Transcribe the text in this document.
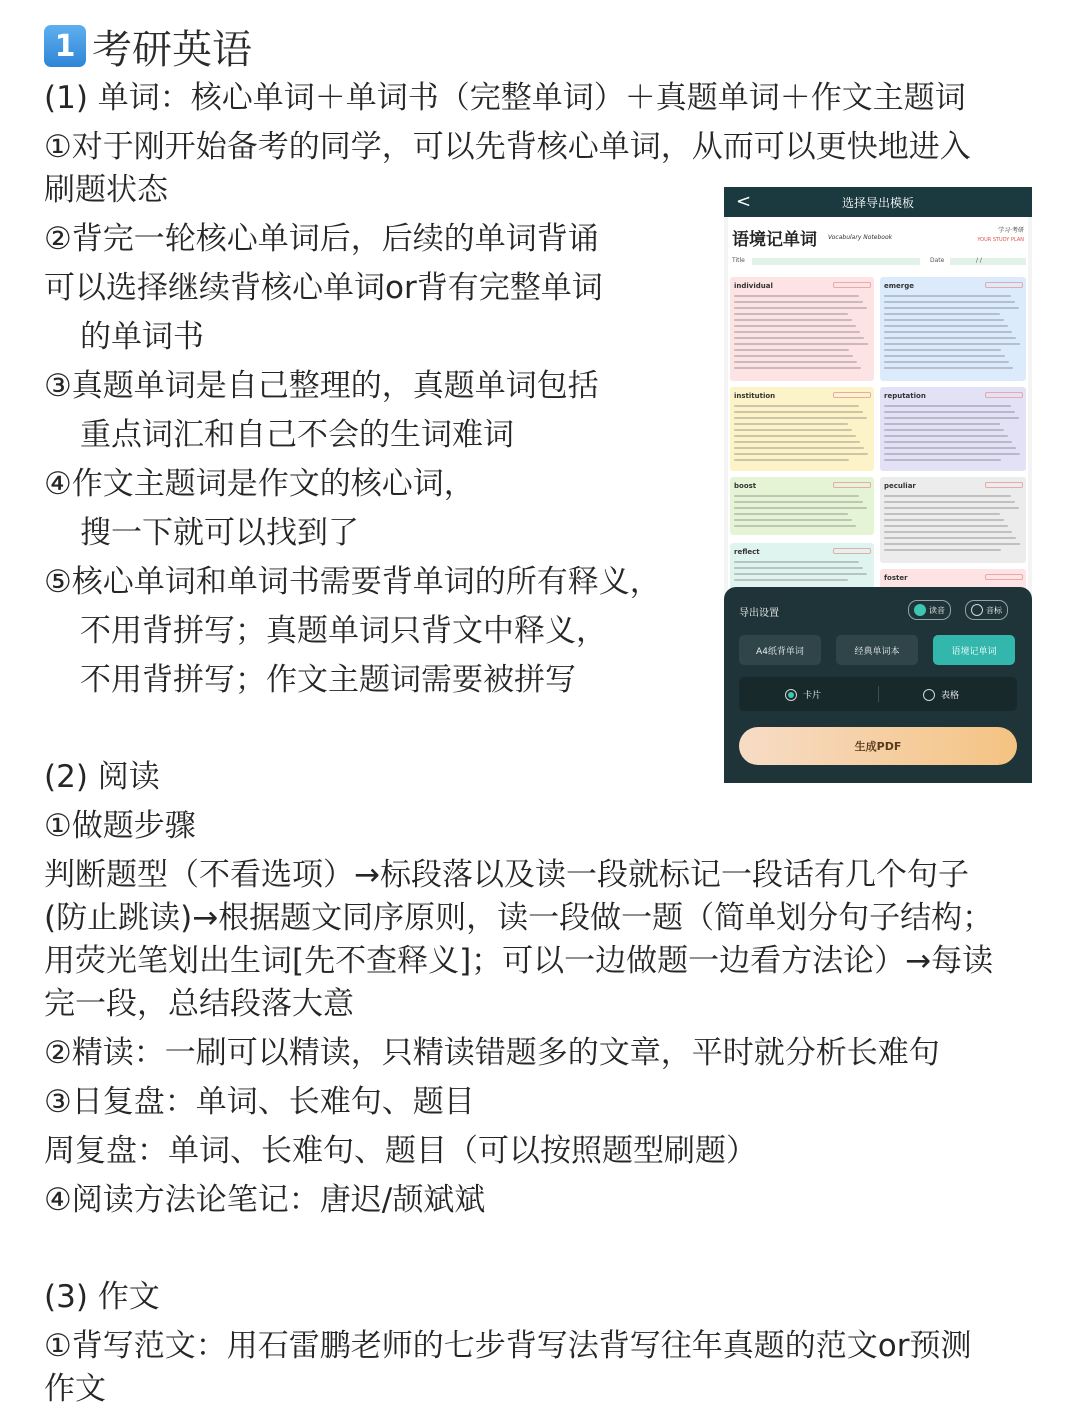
1 考研英语
(1) 单词：核心单词＋单词书（完整单词）＋真题单词＋作文主题词
①对于刚开始备考的同学，可以先背核心单词，从而可以更快地进入
刷题状态
②背完一轮核心单词后，后续的单词背诵
可以选择继续背核心单词or背有完整单词
的单词书
③真题单词是自己整理的，真题单词包括
重点词汇和自己不会的生词难词
④作文主题词是作文的核心词，
搜一下就可以找到了
⑤核心单词和单词书需要背单词的所有释义，
不用背拼写；真题单词只背文中释义，
不用背拼写；作文主题词需要被拼写
(2) 阅读
①做题步骤
判断题型（不看选项）→标段落以及读一段就标记一段话有几个句子
(防止跳读)→根据题文同序原则，读一段做一题（简单划分句子结构；
用荧光笔划出生词[先不查释义]；可以一边做题一边看方法论）→每读
完一段，总结段落大意
②精读：一刷可以精读，只精读错题多的文章，平时就分析长难句
③日复盘：单词、长难句、题目
周复盘：单词、长难句、题目（可以按照题型刷题）
④阅读方法论笔记：唐迟/颉斌斌
(3) 作文
①背写范文：用石雷鹏老师的七步背写法背写往年真题的范文or预测
作文
<	选择导出模板
语境记单词 Vocabulary Notebook
学习·考研
YOUR STUDY PLAN
Title	Date	/ /
individual	emerge
institution	reputation
boost	peculiar
reflect
foster
导出设置	读音	音标
A4纸背单词	经典单词本	语境记单词
卡片	表格
生成PDF
